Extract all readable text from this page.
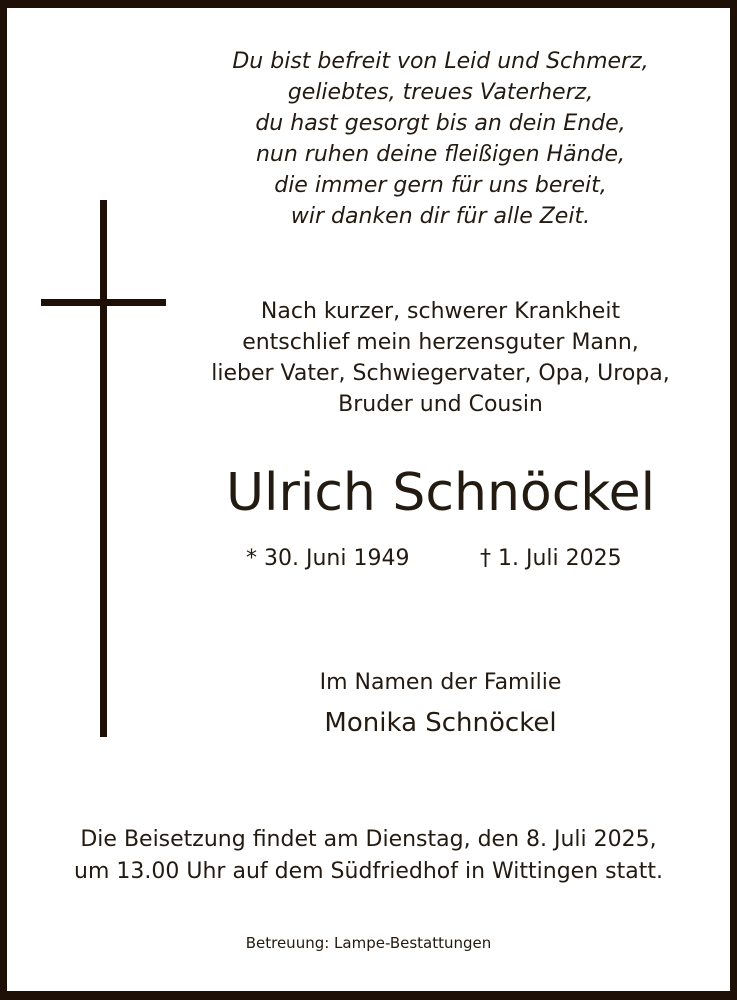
Du bist befreit von Leid und Schmerz,
geliebtes, treues Vaterherz,
du hast gesorgt bis an dein Ende,
nun ruhen deine fleißigen Hände,
die immer gern für uns bereit,
wir danken dir für alle Zeit.
Nach kurzer, schwerer Krankheit
entschlief mein herzensguter Mann,
lieber Vater, Schwiegervater, Opa, Uropa,
Bruder und Cousin
Ulrich Schnöckel
* 30. Juni 1949	† 1. Juli 2025
Im Namen der Familie
Monika Schnöckel
Die Beisetzung findet am Dienstag, den 8. Juli 2025,
um 13.00 Uhr auf dem Südfriedhof in Wittingen statt.
Betreuung: Lampe-Bestattungen
